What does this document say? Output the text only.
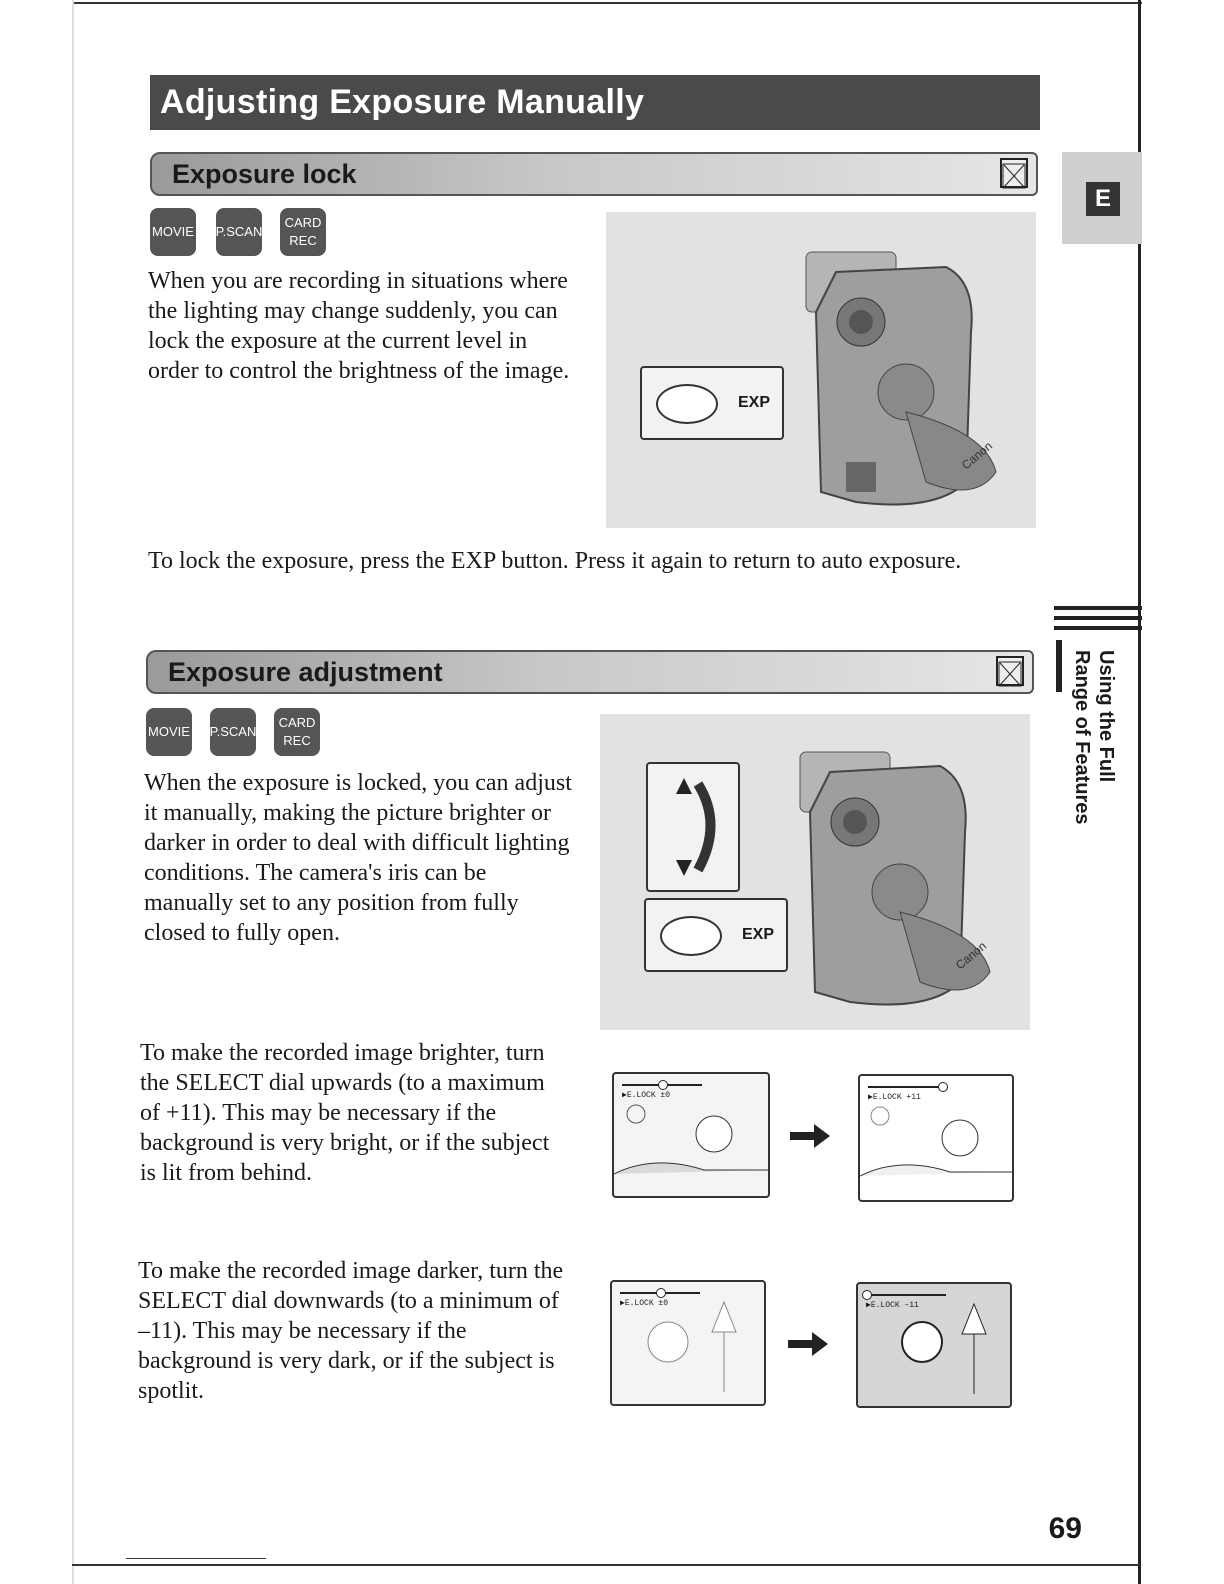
Adjusting Exposure Manually
E
Using the Full
Range of Features
Exposure lock
MOVIE P.SCAN
CARD
REC
When you are recording in situations where the lighting may change suddenly, you can lock the exposure at the current level in order to control the brightness of the image.
Canon
EXP
To lock the exposure, press the EXP button. Press it again to return to auto exposure.
Exposure adjustment
MOVIE P.SCAN
CARD
REC
When the exposure is locked, you can adjust it manually, making the picture brighter or darker in order to deal with difficult lighting conditions. The camera's iris can be manually set to any position from fully closed to fully open.
Canon
EXP
To make the recorded image brighter, turn the SELECT dial upwards (to a maximum of +11). This may be necessary if the background is very bright, or if the subject is lit from behind.
▶E.LOCK ±0	▶E.LOCK +11
To make the recorded image darker, turn the SELECT dial downwards (to a minimum of –11). This may be necessary if the background is very dark, or if the subject is spotlit.
▶E.LOCK ±0	▶E.LOCK –11
69
